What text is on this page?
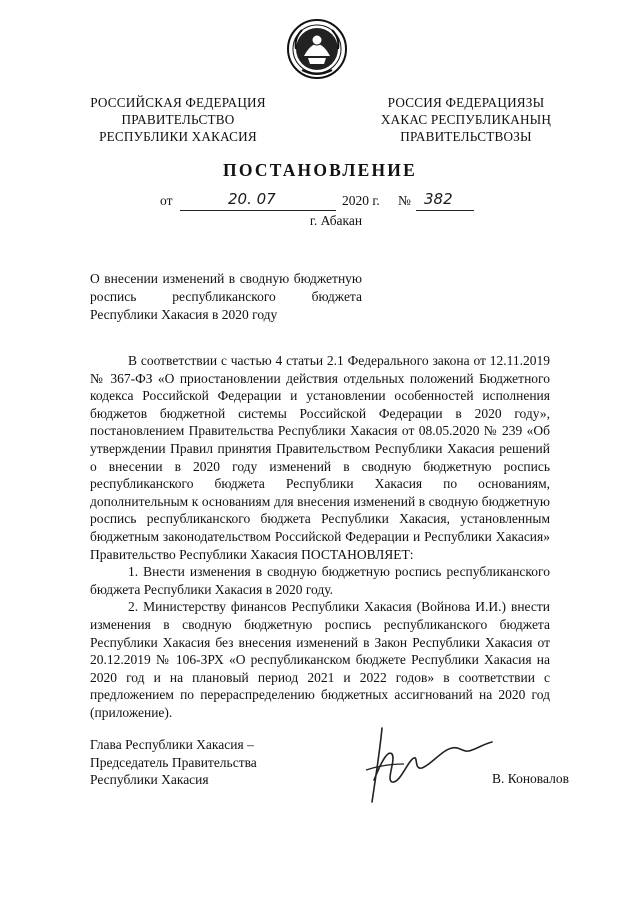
РОССИЙСКАЯ ФЕДЕРАЦИЯ
ПРАВИТЕЛЬСТВО
РЕСПУБЛИКИ ХАКАСИЯ
РОССИЯ ФЕДЕРАЦИЯЗЫ
ХАКАС РЕСПУБЛИКАНЫҢ
ПРАВИТЕЛЬСТВОЗЫ
ПОСТАНОВЛЕНИЕ
от	20. 07	2020 г. № 382
г. Абакан
О внесении изменений в сводную бюджетную роспись республиканского бюджета Республики Хакасия в 2020 году

В соответствии с частью 4 статьи 2.1 Федерального закона от 12.11.2019 № 367-ФЗ «О приостановлении действия отдельных положений Бюджетного кодекса Российской Федерации и установлении особенностей исполнения бюджетов бюджетной системы Российской Федерации в 2020 году», постановлением Правительства Республики Хакасия от 08.05.2020 № 239 «Об утверждении Правил принятия Правительством Республики Хакасия решений о внесении в 2020 году изменений в сводную бюджетную роспись республиканского бюджета Республики Хакасия по основаниям, дополнительным к основаниям для внесения изменений в сводную бюджетную роспись республиканского бюджета Республики Хакасия, установленным бюджетным законодательством Российской Федерации и Республики Хакасия» Правительство Республики Хакасия ПОСТАНОВЛЯЕТ:

1. Внести изменения в сводную бюджетную роспись республиканского бюджета Республики Хакасия в 2020 году.

2. Министерству финансов Республики Хакасия (Войнова И.И.) внести изменения в сводную бюджетную роспись республиканского бюджета Республики Хакасия без внесения изменений в Закон Республики Хакасия от 20.12.2019 № 106-ЗРХ «О республиканском бюджете Республики Хакасия на 2020 год и на плановый период 2021 и 2022 годов» в соответствии с предложением по перераспределению бюджетных ассигнований на 2020 год (приложение).

Глава Республики Хакасия –
Председатель Правительства
Республики Хакасия	В. Коновалов
